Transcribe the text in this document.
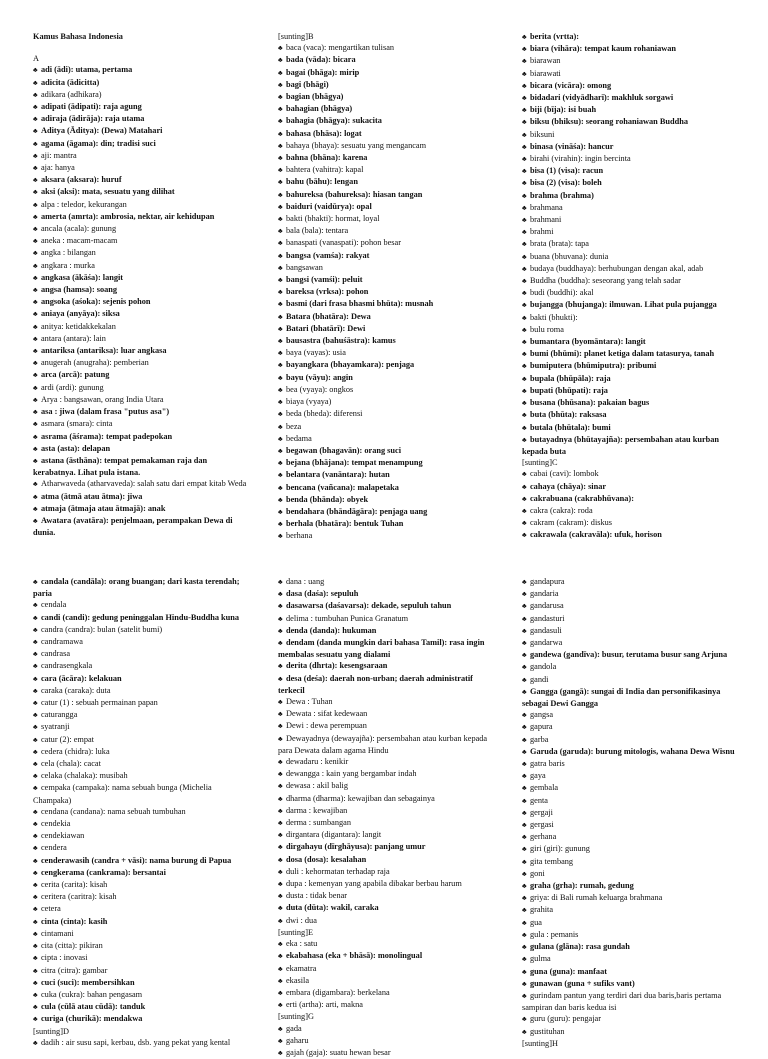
Kamus Bahasa Indonesia
A
♣ adi (ādi): utama, pertama
♣ adicita (ādicitta)
♣ adikara (adhikara)
♣ adipati (ādipati): raja agung
♣ adiraja (ādirāja): raja utama
♣ Aditya (Āditya): (Dewa) Matahari
♣ agama (āgama): din; tradisi suci
♣ aji: mantra
♣ aja: hanya
♣ aksara (aksara): huruf
♣ aksi (aksi): mata, sesuatu yang dilihat
♣ alpa : teledor, kekurangan
♣ amerta (amrta): ambrosia, nektar, air kehidupan
♣ ancala (acala): gunung
♣ aneka : macam-macam
♣ angka : bilangan
♣ angkara : murka
♣ angkasa (ākāśa): langit
♣ angsa (hamsa): soang
♣ angsoka (aśoka): sejenis pohon
♣ aniaya (anyāya): siksa
♣ anitya: ketidakkekalan
♣ antara (antara): lain
♣ antariksa (antariksa): luar angkasa
♣ anugerah (anugraha): pemberian
♣ arca (arcā): patung
♣ ardi (ardi): gunung
♣ Arya : bangsawan, orang India Utara
♣ asa : jiwa (dalam frasa "putus asa")
♣ asmara (smara): cinta
♣ asrama (āśrama): tempat padepokan
♣ asta (asta): delapan
♣ astana (āsthāna): tempat pemakaman raja dan kerabatnya. Lihat pula istana.
♣ Atharwaveda (atharvaveda): salah satu dari empat kitab Weda
♣ atma (ātmā atau ātma): jiwa
♣ atmaja (ātmaja atau ātmajā): anak
♣ Awatara (avatāra): penjelmaan, perampakan Dewa di dunia.
[sunting]B
♣ baca (vaca): mengartikan tulisan
♣ bada (vāda): bicara
♣ bagai (bhāga): mirip
♣ bagi (bhāgi)
♣ bagian (bhāgya)
♣ bahagian (bhāgya)
♣ bahagia (bhāgya): sukacita
♣ bahasa (bhāsa): logat
♣ bahaya (bhaya): sesuatu yang mengancam
♣ bahna (bhāna): karena
♣ bahtera (vahitra): kapal
♣ bahu (bāhu): lengan
♣ bahureksa (bahureksa): hiasan tangan
♣ baiduri (vaidūrya): opal
♣ bakti (bhakti): hormat, loyal
♣ bala (bala): tentara
♣ banaspati (vanaspati): pohon besar
♣ bangsa (vamśa): rakyat
♣ bangsawan
♣ bangsi (vamśi): peluit
♣ bareksa (vrksa): pohon
♣ basmi (dari frasa bhasmi bhūta): musnah
♣ Batara (bhatāra): Dewa
♣ Batari (bhatārī): Dewi
♣ bausastra (bahuśāstra): kamus
♣ baya (vayas): usia
♣ bayangkara (bhayamkara): penjaga
♣ bayu (vāyu): angin
♣ bea (vyaya): ongkos
♣ biaya (vyaya)
♣ beda (bheda): diferensi
♣ beza
♣ bedama
♣ begawan (bhagavān): orang suci
♣ bejana (bhājana): tempat menampung
♣ belantara (vanāntara): hutan
♣ bencana (vañcana): malapetaka
♣ benda (bhānda): obyek
♣ bendahara (bhāndāgāra): penjaga uang
♣ berhala (bhatāra): bentuk Tuhan
♣ berhana
♣ berita (vrtta):
♣ biara (vihāra): tempat kaum rohaniawan
♣ biarawan
♣ biarawati
♣ bicara (vicāra): omong
♣ bidadari (vidyādharī): makhluk sorgawi
♣ biji (bīja): isi buah
♣ biksu (bhiksu): seorang rohaniawan Buddha
♣ biksuni
♣ binasa (vināśa): hancur
♣ birahi (virahin): ingin bercinta
♣ bisa (1) (visa): racun
♣ bisa (2) (visa): boleh
♣ brahma (brahma)
♣ brahmana
♣ brahmani
♣ brahmi
♣ brata (brata): tapa
♣ buana (bhuvana): dunia
♣ budaya (buddhaya): berhubungan dengan akal, adab
♣ Buddha (buddha): seseorang yang telah sadar
♣ budi (buddhi): akal
♣ bujangga (bhujanga): ilmuwan. Lihat pula pujangga
♣ bakti (bhukti):
♣ bulu roma
♣ bumantara (byomāntara): langit
♣ bumi (bhūmi): planet ketiga dalam tatasurya, tanah
♣ bumiputera (bhūmiputra): pribumi
♣ bupala (bhūpāla): raja
♣ bupati (bhūpati): raja
♣ busana (bhūsana): pakaian bagus
♣ buta (bhūta): raksasa
♣ butala (bhūtala): bumi
♣ butayadnya (bhūtayajña): persembahan atau kurban kepada buta
[sunting]C
♣ cabai (cavi): lombok
♣ cahaya (chāya): sinar
♣ cakrabuana (cakrabhūvana):
♣ cakra (cakra): roda
♣ cakram (cakram): diskus
♣ cakrawala (cakravāla): ufuk, horison
♣ candala (candāla): orang buangan; dari kasta terendah; paria
♣ cendala
♣ candi (candi): gedung peninggalan Hindu-Buddha kuna
♣ candra (candra): bulan (satelit bumi)
♣ candramawa
♣ candrasa
♣ candrasengkala
♣ cara (ācāra): kelakuan
♣ caraka (caraka): duta
♣ catur (1) : sebuah permainan papan
♣ caturangga
♣ syatranji
♣ catur (2): empat
♣ cedera (chidra): luka
♣ cela (chala): cacat
♣ celaka (chalaka): musibah
♣ cempaka (campaka): nama sebuah bunga (Michelia Champaka)
♣ cendana (candana): nama sebuah tumbuhan
♣ cendekia
♣ cendekiawan
♣ cendera
♣ cenderawasih (candra + vāsi): nama burung di Papua
♣ cengkerama (cankrama): bersantai
♣ cerita (carita): kisah
♣ ceritera (caritra): kisah
♣ cetera
♣ cinta (cinta): kasih
♣ cintamani
♣ cita (citta): pikiran
♣ cipta : inovasi
♣ citra (citra): gambar
♣ cuci (suci): membersihkan
♣ cuka (cukra): bahan pengasam
♣ cula (cūlā atau cūdā): tanduk
♣ curiga (churikā): mendakwa
[sunting]D
♣ dadih : air susu sapi, kerbau, dsb. yang pekat yang kental
♣ dana : uang
♣ dasa (daśa): sepuluh
♣ dasawarsa (daśavarsa): dekade, sepuluh tahun
♣ delima : tumbuhan Punica Granatum
♣ denda (danda): hukuman
♣ dendam (danda mungkin dari bahasa Tamil): rasa ingin membalas sesuatu yang dialami
♣ derita (dhrta): kesengsaraan
♣ desa (deśa): daerah non-urban; daerah administratif terkecil
♣ Dewa : Tuhan
♣ Dewata : sifat kedewaan
♣ Dewi : dewa perempuan
♣ Dewayadnya (dewayajña): persembahan atau kurban kepada para Dewata dalam agama Hindu
♣ dewadaru : kenikir
♣ dewangga : kain yang bergambar indah
♣ dewasa : akil balig
♣ dharma (dharma): kewajiban dan sebagainya
♣ darma : kewajiban
♣ derma : sumbangan
♣ dirgantara (digantara): langit
♣ dirgahayu (dīrghāyusa): panjang umur
♣ dosa (dosa): kesalahan
♣ duli : kehormatan terhadap raja
♣ dupa : kemenyan yang apabila dibakar berbau harum
♣ dusta : tidak benar
♣ duta (dūta): wakil, caraka
♣ dwi : dua
[sunting]E
♣ eka : satu
♣ ekabahasa (eka + bhāsā): monolingual
♣ ekamatra
♣ ekasila
♣ embara (digambara): berkelana
♣ erti (artha): arti, makna
[sunting]G
♣ gada
♣ gaharu
♣ gajah (gaja): suatu hewan besar
♣ gandapura
♣ gandaria
♣ gandarusa
♣ gandasturi
♣ gandasuli
♣ gandarwa
♣ gandewa (gandīva): busur, terutama busur sang Arjuna
♣ gandola
♣ gandi
♣ Gangga (gangā): sungai di India dan personifikasinya sebagai Dewi Gangga
♣ gangsa
♣ gapura
♣ garba
♣ Garuda (garuda): burung mitologis, wahana Dewa Wisnu
♣ gatra baris
♣ gaya
♣ gembala
♣ genta
♣ gergaji
♣ gergasi
♣ gerhana
♣ giri (giri): gunung
♣ gita tembang
♣ goni
♣ graha (grha): rumah, gedung
♣ griya: di Bali rumah keluarga brahmana
♣ grahita
♣ gua
♣ gula : pemanis
♣ gulana (glāna): rasa gundah
♣ gulma
♣ guna (guna): manfaat
♣ gunawan (guna + sufiks vant)
♣ gurindam pantun yang terdiri dari dua baris,baris pertama sampiran dan baris kedua isi
♣ guru (guru): pengajar
♣ gustituhan
[sunting]H
